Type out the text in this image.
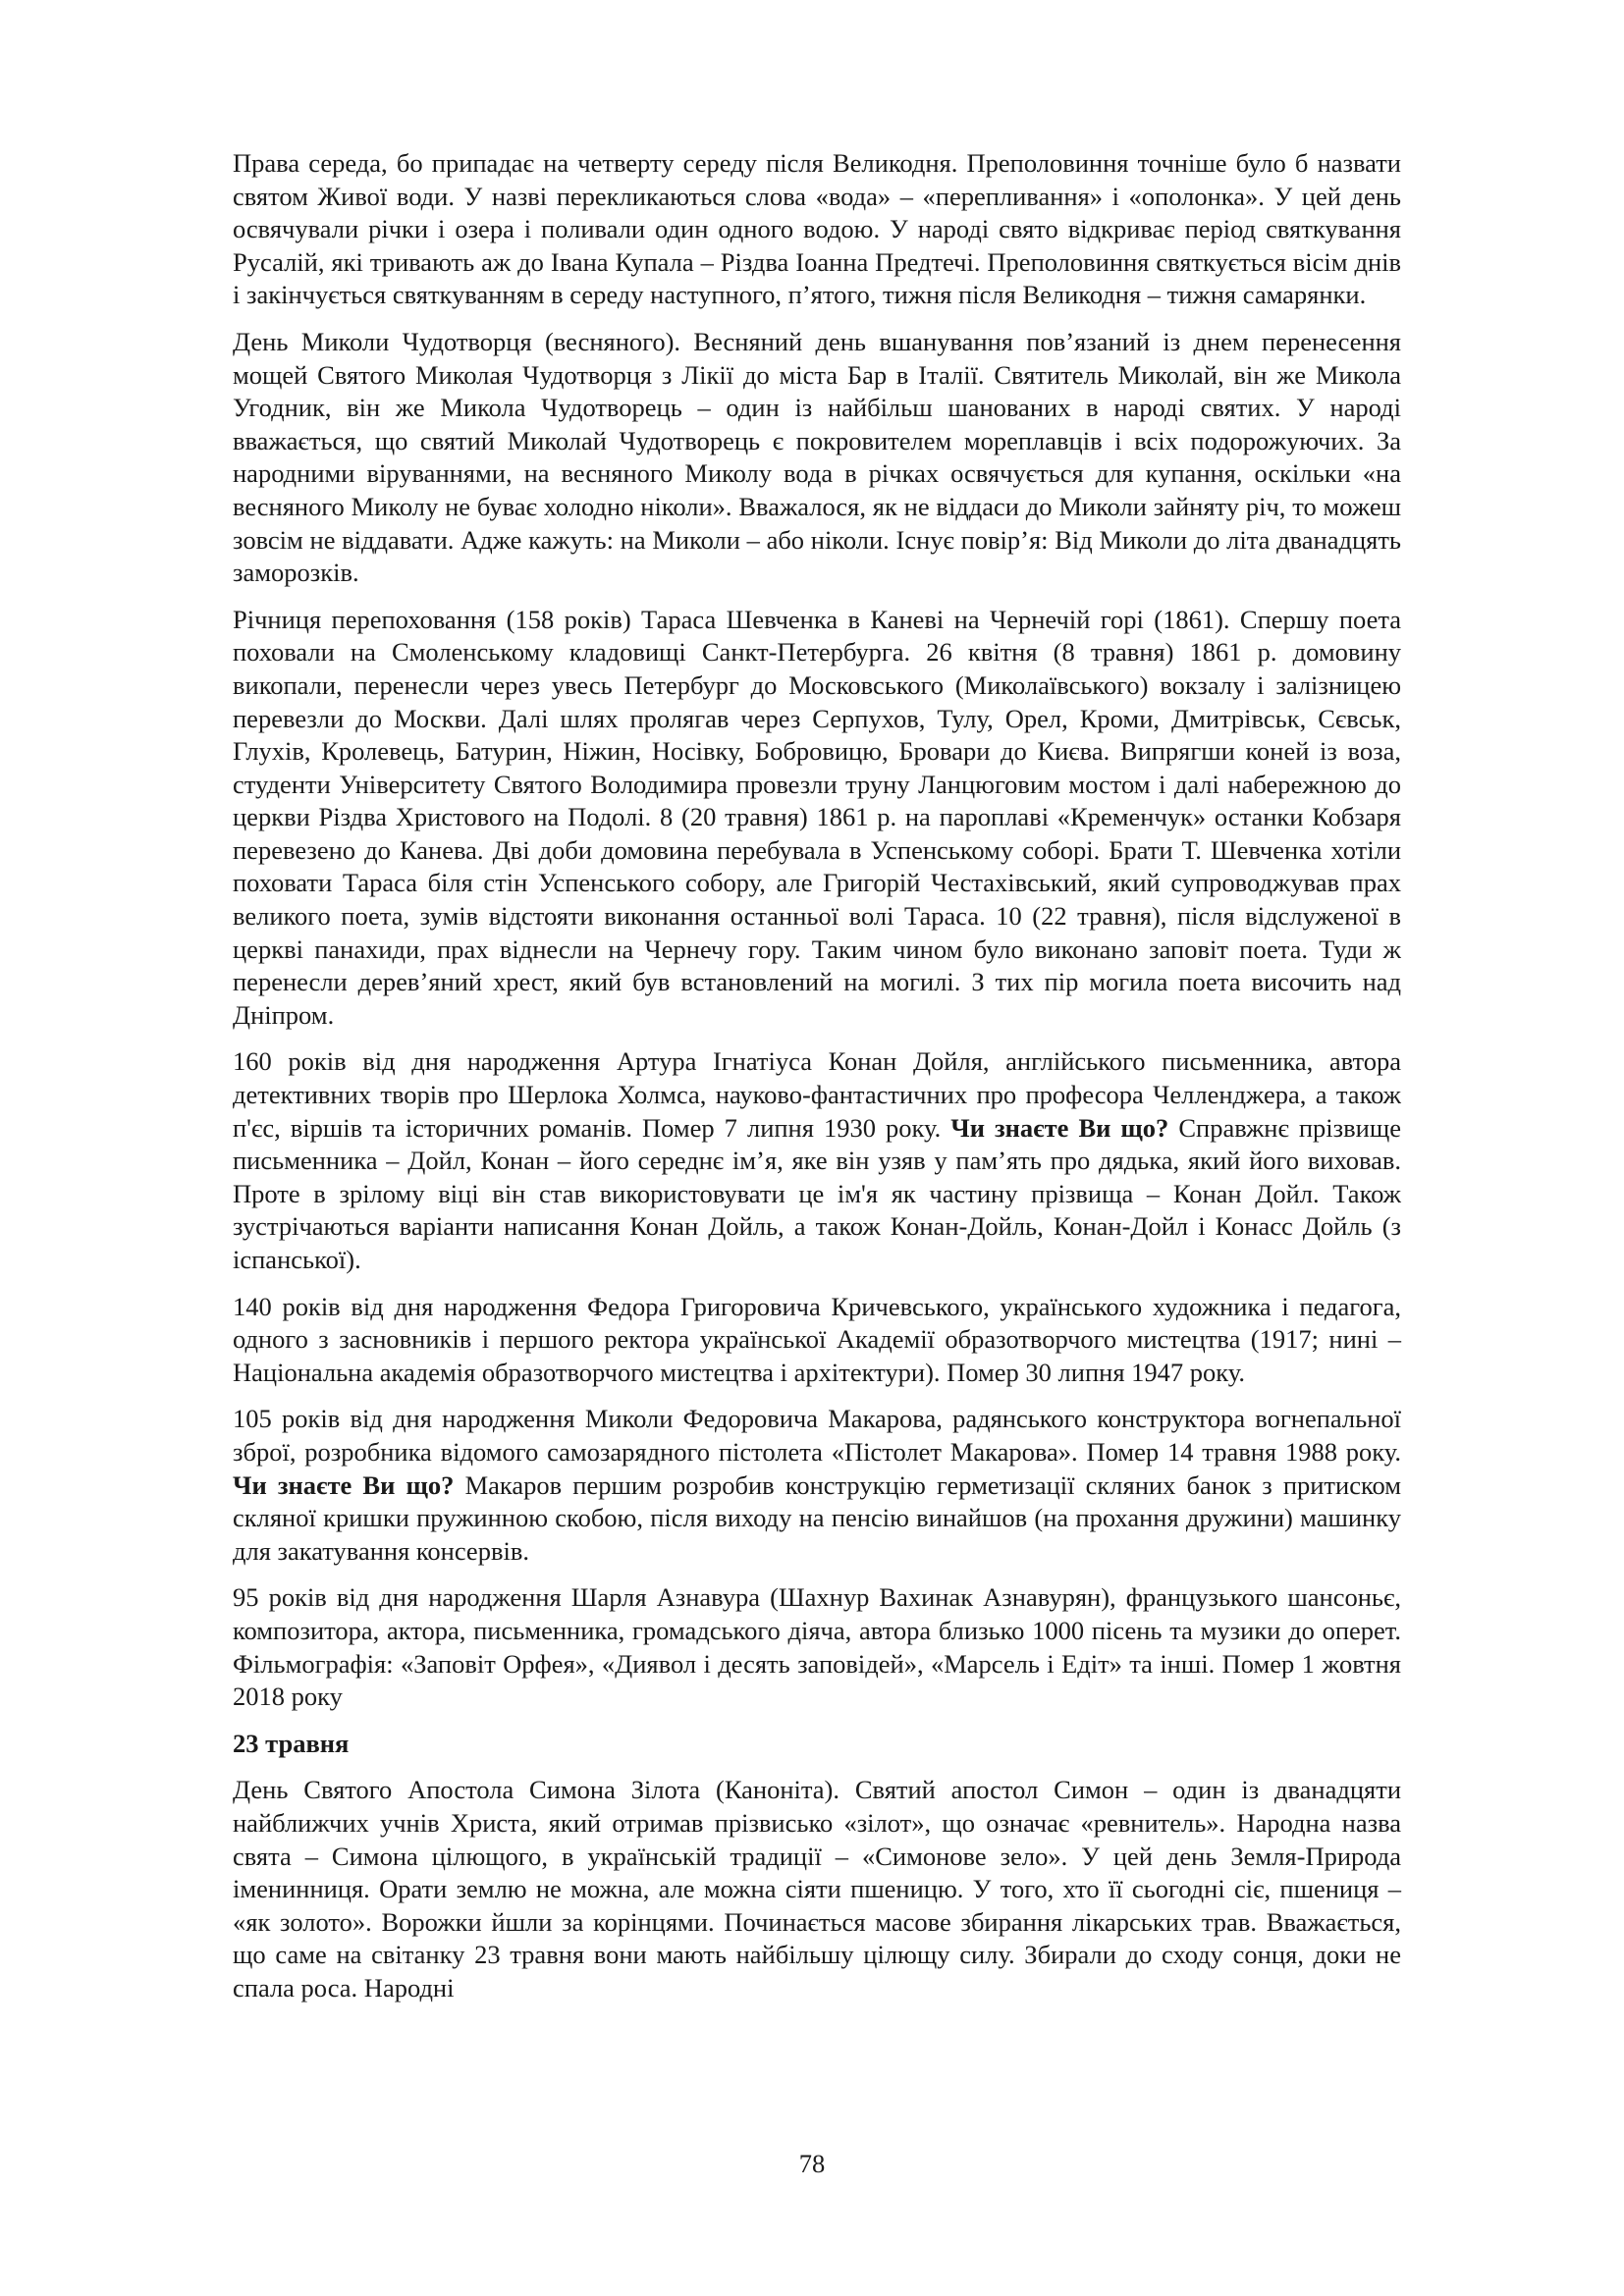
Права середа, бо припадає на четверту середу після Великодня. Преполовиння точніше було б назвати святом Живої води. У назві перекликаються слова «вода» – «перепливання» і «ополонка». У цей день освячували річки і озера і поливали один одного водою. У народі свято відкриває період святкування Русалій, які тривають аж до Івана Купала – Різдва Іоанна Предтечі. Преполовиння святкується вісім днів і закінчується святкуванням в середу наступного, п’ятого, тижня після Великодня – тижня самарянки.

День Миколи Чудотворця (весняного). Весняний день вшанування пов’язаний із днем перенесення мощей Святого Миколая Чудотворця з Лікії до міста Бар в Італії. Святитель Миколай, він же Микола Угодник, він же Микола Чудотворець – один із найбільш шанованих в народі святих. У народі вважається, що святий Миколай Чудотворець є покровителем мореплавців і всіх подорожуючих. За народними віруваннями, на весняного Миколу вода в річках освячується для купання, оскільки «на весняного Миколу не буває холодно ніколи». Вважалося, як не віддаси до Миколи зайняту річ, то можеш зовсім не віддавати. Адже кажуть: на Миколи – або ніколи. Існує повір’я: Від Миколи до літа дванадцять заморозків.

Річниця перепоховання (158 років) Тараса Шевченка в Каневі на Чернечій горі (1861). Спершу поета поховали на Смоленському кладовищі Санкт-Петербурга. 26 квітня (8 травня) 1861 р. домовину викопали, перенесли через увесь Петербург до Московського (Миколаївського) вокзалу і залізницею перевезли до Москви. Далі шлях пролягав через Серпухов, Тулу, Орел, Кроми, Дмитрівськ, Сєвськ, Глухів, Кролевець, Батурин, Ніжин, Носівку, Бобровицю, Бровари до Києва. Випрягши коней із воза, студенти Університету Святого Володимира провезли труну Ланцюговим мостом і далі набережною до церкви Різдва Христового на Подолі. 8 (20 травня) 1861 р. на пароплаві «Кременчук» останки Кобзаря перевезено до Канева. Дві доби домовина перебувала в Успенському соборі. Брати Т. Шевченка хотіли поховати Тараса біля стін Успенського собору, але Григорій Честахівський, який супроводжував прах великого поета, зумів відстояти виконання останньої волі Тараса. 10 (22 травня), після відслуженої в церкві панахиди, прах віднесли на Чернечу гору. Таким чином було виконано заповіт поета. Туди ж перенесли дерев’яний хрест, який був встановлений на могилі. З тих пір могила поета височить над Дніпром.

160 років від дня народження Артура Ігнатіуса Конан Дойля, англійського письменника, автора детективних творів про Шерлока Холмса, науково-фантастичних про професора Челленджера, а також п'єс, віршів та історичних романів. Помер 7 липня 1930 року. Чи знаєте Ви що? Справжнє прізвище письменника – Дойл, Конан – його середнє ім’я, яке він узяв у пам’ять про дядька, який його виховав. Проте в зрілому віці він став використовувати це ім'я як частину прізвища – Конан Дойл. Також зустрічаються варіанти написання Конан Дойль, а також Конан-Дойль, Конан-Дойл і Конасс Дойль (з іспанської).

140 років від дня народження Федора Григоровича Кричевського, українського художника і педагога, одного з засновників і першого ректора української Академії образотворчого мистецтва (1917; нині – Національна академія образотворчого мистецтва і архітектури). Помер 30 липня 1947 року.

105 років від дня народження Миколи Федоровича Макарова, радянського конструктора вогнепальної зброї, розробника відомого самозарядного пістолета «Пістолет Макарова». Помер 14 травня 1988 року. Чи знаєте Ви що? Макаров першим розробив конструкцію герметизації скляних банок з притиском скляної кришки пружинною скобою, після виходу на пенсію винайшов (на прохання дружини) машинку для закатування консервів.

95 років від дня народження Шарля Азнавура (Шахнур Вахинак Азнавурян), французького шансоньє, композитора, актора, письменника, громадського діяча, автора близько 1000 пісень та музики до оперет. Фільмографія: «Заповіт Орфея», «Диявол і десять заповідей», «Марсель і Едіт» та інші. Помер 1 жовтня 2018 року

23 травня

День Святого Апостола Симона Зілота (Канонiта). Святий апостол Симон – один із дванадцяти найближчих учнів Христа, який отримав прізвисько «зілот», що означає «ревнитель». Народна назва свята – Симона цілющого, в українській традиції – «Симонове зело». У цей день Земля-Природа іменинниця. Орати землю не можна, але можна сіяти пшеницю. У того, хто її сьогодні сіє, пшениця – «як золото». Ворожки йшли за корінцями. Починається масове збирання лікарських трав. Вважається, що саме на світанку 23 травня вони мають найбільшу цілющу силу. Збирали до сходу сонця, доки не спала роса. Народні

78
